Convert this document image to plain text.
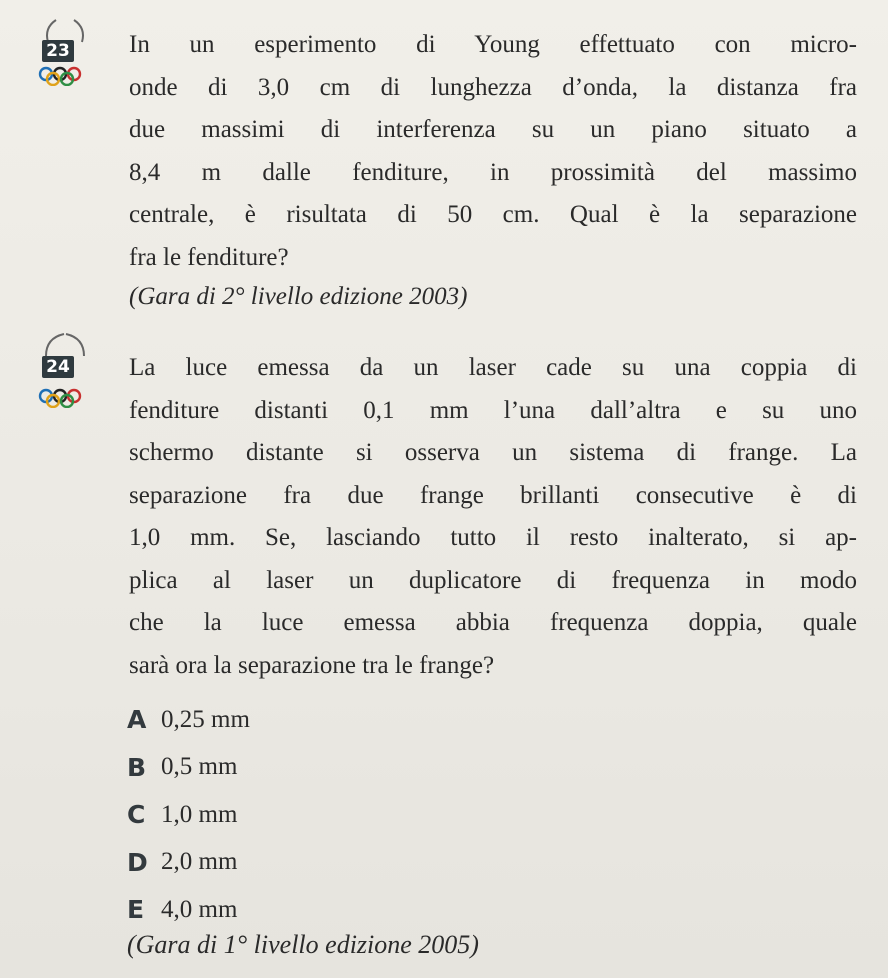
23 In un esperimento di Young effettuato con micro-
onde di 3,0 cm di lunghezza d’onda, la distanza fra
due massimi di interferenza su un piano situato a
8,4 m dalle fenditure, in prossimità del massimo
centrale, è risultata di 50 cm. Qual è la separazione
fra le fenditure?
(Gara di 2° livello edizione 2003)
24 La luce emessa da un laser cade su una coppia di
fenditure distanti 0,1 mm l’una dall’altra e su uno
schermo distante si osserva un sistema di frange. La
separazione fra due frange brillanti consecutive è di
1,0 mm. Se, lasciando tutto il resto inalterato, si ap-
plica al laser un duplicatore di frequenza in modo
che la luce emessa abbia frequenza doppia, quale
sarà ora la separazione tra le frange?
A 0,25 mm
B 0,5 mm
C 1,0 mm
D 2,0 mm
E 4,0 mm
(Gara di 1° livello edizione 2005)
